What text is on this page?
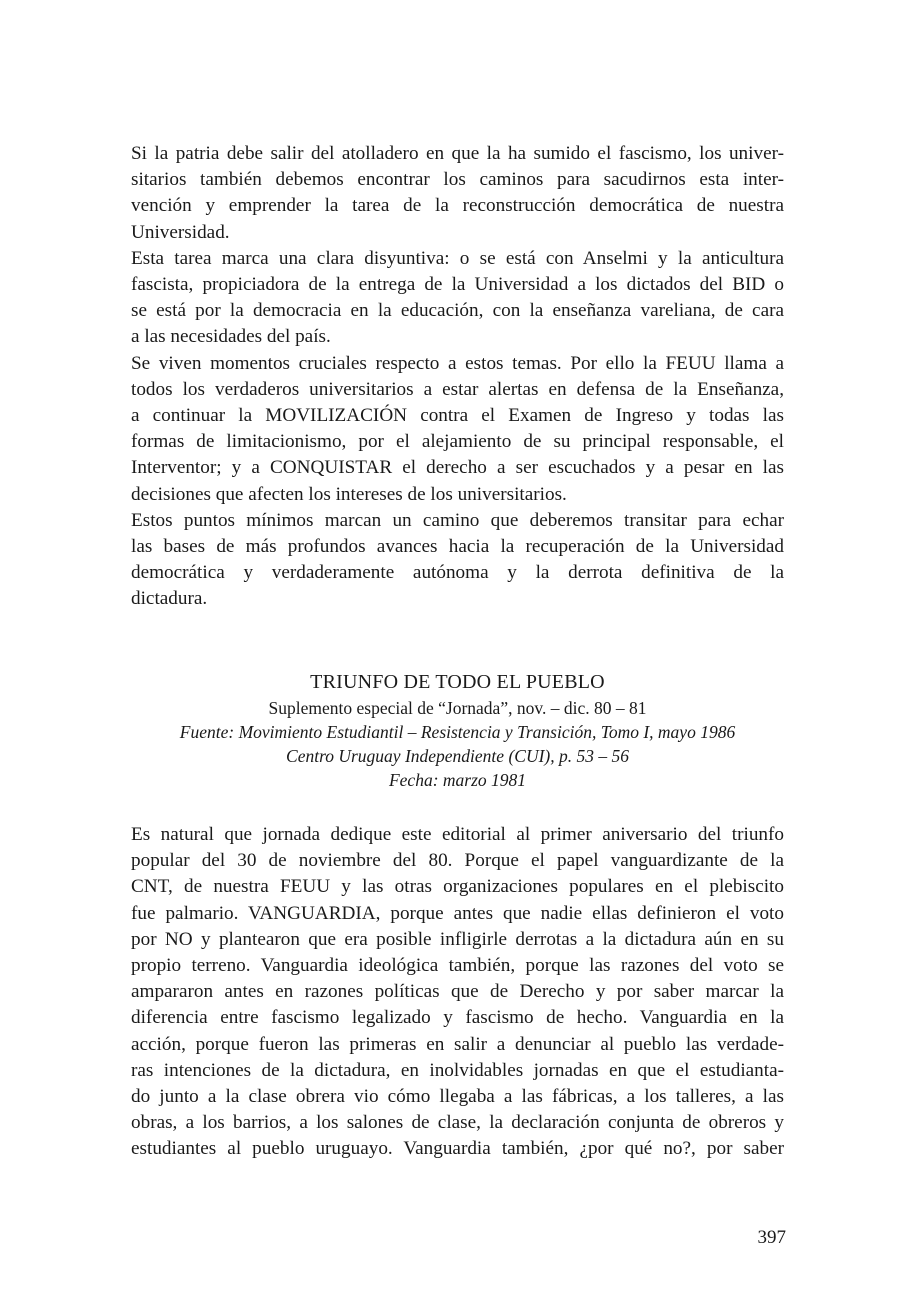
Si la patria debe salir del atolladero en que la ha sumido el fascismo, los univer-
sitarios también debemos encontrar los caminos para sacudirnos esta inter-
vención y emprender la tarea de la reconstrucción democrática de nuestra
Universidad.

Esta tarea marca una clara disyuntiva: o se está con Anselmi y la anticultura
fascista, propiciadora de la entrega de la Universidad a los dictados del BID o
se está por la democracia en la educación, con la enseñanza vareliana, de cara
a las necesidades del país.

Se viven momentos cruciales respecto a estos temas. Por ello la FEUU llama a
todos los verdaderos universitarios a estar alertas en defensa de la Enseñanza,
a continuar la MOVILIZACIÓN contra el Examen de Ingreso y todas las
formas de limitacionismo, por el alejamiento de su principal responsable, el
Interventor; y a CONQUISTAR el derecho a ser escuchados y a pesar en las
decisiones que afecten los intereses de los universitarios.

Estos puntos mínimos marcan un camino que deberemos transitar para echar
las bases de más profundos avances hacia la recuperación de la Universidad
democrática y verdaderamente autónoma y la derrota definitiva de la
dictadura.

TRIUNFO DE TODO EL PUEBLO
Suplemento especial de “Jornada”, nov. – dic. 80 – 81
Fuente: Movimiento Estudiantil – Resistencia y Transición, Tomo I, mayo 1986
Centro Uruguay Independiente (CUI), p. 53 – 56
Fecha: marzo 1981

Es natural que jornada dedique este editorial al primer aniversario del triunfo
popular del 30 de noviembre del 80. Porque el papel vanguardizante de la
CNT, de nuestra FEUU y las otras organizaciones populares en el plebiscito
fue palmario. VANGUARDIA, porque antes que nadie ellas definieron el voto
por NO y plantearon que era posible infligirle derrotas a la dictadura aún en su
propio terreno. Vanguardia ideológica también, porque las razones del voto se
ampararon antes en razones políticas que de Derecho y por saber marcar la
diferencia entre fascismo legalizado y fascismo de hecho. Vanguardia en la
acción, porque fueron las primeras en salir a denunciar al pueblo las verdade-
ras intenciones de la dictadura, en inolvidables jornadas en que el estudianta-
do junto a la clase obrera vio cómo llegaba a las fábricas, a los talleres, a las
obras, a los barrios, a los salones de clase, la declaración conjunta de obreros y
estudiantes al pueblo uruguayo. Vanguardia también, ¿por qué no?, por saber

397
